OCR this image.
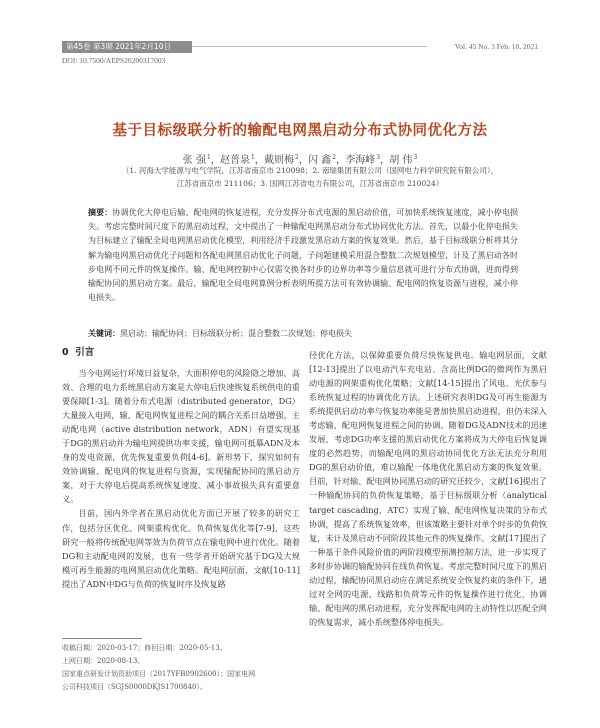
第45卷 第3期 2021年2月10日	Vol. 45 No. 3 Feb. 10, 2021
DOI: 10.7500/AEPS20200317003
基于目标级联分析的输配电网黑启动分布式协同优化方法
张 强$^1$， 赵普泉$^1$， 戴则梅$^2$， 闪 鑫$^2$， 李海峰$^3$， 胡 伟$^3$
（1. 河海大学能源与电气学院，江苏省南京市 210098；2. 南瑞集团有限公司（国网电力科学研究院有限公司），
江苏省南京市 211106；3. 国网江苏省电力有限公司，江苏省南京市 210024）
摘要：协调优化大停电后输、配电网的恢复进程，充分发挥分布式电源的黑启动价值，可加快系统恢复速度，减小停电损失。考虑完整时间尺度下的黑启动过程，文中提出了一种输配电网黑启动分布式协同优化方法。首先，以最小化停电损失为目标建立了输配全局电网黑启动优化模型，利用经济手段激发黑启动方案的恢复效果。然后，基于目标级联分析将其分解为输电网黑启动优化子问题和各配电网黑启动优化子问题，子问题建模采用混合整数二次规划模型，计及了黑启动各时步电网不同元件的恢复操作。输、配电网控制中心仅需交换各时步的边界功率等少量信息就可进行分布式协调，进而得到输配协同的黑启动方案。最后，输配电全局电网算例分析表明所提方法可有效协调输、配电网的恢复资源与进程，减小停电损失。
关键词：黑启动；输配协同；目标级联分析；混合整数二次规划；停电损失
0 引言

当今电网运行环境日益复杂，大面积停电的风险隐之增加，高效、合理的电力系统黑启动方案是大停电后快速恢复系统供电的重要保障[1-3]。随着分布式电源（distributed generator，DG）大量接入电网，输、配电网恢复进程之间的耦合关系日益增强，主动配电网（active distribution network，ADN）有望实现基于DG的黑启动并为输电网提供功率支援，输电网可抵摹ADN及本身的发电资源，优先恢复重要负荷[4-6]。新形势下，探究如何有效协调输、配电网的恢复进程与资源，实现输配协同的黑启动方案，对于大停电后提高系统恢复速度、减小事故损失具有重要意义。

目前，国内外学者在黑启动优化方面已开展了较多的研究工作，包括分区优化、网架重构优化、负荷恢复优化等[7-9]，这些研究一般将传统配电网等效为负荷节点在输电网中进行优化。随着DG和主动配电网的发展，也有一些学者开始研究基于DG及大规模可再生能源的电网黑启动优化策略。配电网层面，文献[10-11]提出了ADN中DG与负荷的恢复时序及恢复路

径优化方法，以保障重要负荷尽快恢复供电。输电网层面，文献[12-13]提出了以电动汽车充电站、含高比例DG的微网作为黑启动电源的网架重构优化策略；文献[14-15]提出了风电、光伏参与系统恢复过程的协调优化方法。上述研究表明DG及可再生能源为系统提供启动功率与恢复功率能是著加快黑启动进程，但仍未深入考虑输、配电网恢复进程之间的协调。随着DG及ADN技术的迅速发展，考虑DG功率支援的黑启动优化方案将成为大停电后恢复调度的必然趋势，而输配电网的黑启动协同优化方法无法充分利用DG的黑启动价值，难以输配一体地优化黑启动方案的恢复效果。目前，针对输、配电网协同黑启动的研究还较少，文献[16]提出了一种输配协同的负荷恢复策略，基于目标级联分析（analytical target cascading，ATC）实现了输、配电网恢复决策的分布式协调，提高了系统恢复效率，但该策略主要针对单个时步的负荷恢复，未计及黑启动不同阶段其他元件的恢复操作。文献[17]提出了一种基于条件风险价值的两阶段模型预测控制方法，进一步实现了多时步协调的输配协同在线负荷恢复。考虑完整时间尺度下的黑启动过程，输配协同黑启动应在满足系统安全恢复约束的条件下，通过对全网的电源、线路和负荷等元件的恢复操作进行优化，协调输、配电网的黑启动进程，充分发挥配电网的主动特性以匹配全网的恢复需求，减小系统整体停电损失。

收稿日期：2020-03-17；修回日期：2020-05-13。
上网日期：2020-08-13。
国家重点研发计划资助项目（2017YFB0902600）；国家电网
公司科技项目（SGJS0000DKJS1700840）。
